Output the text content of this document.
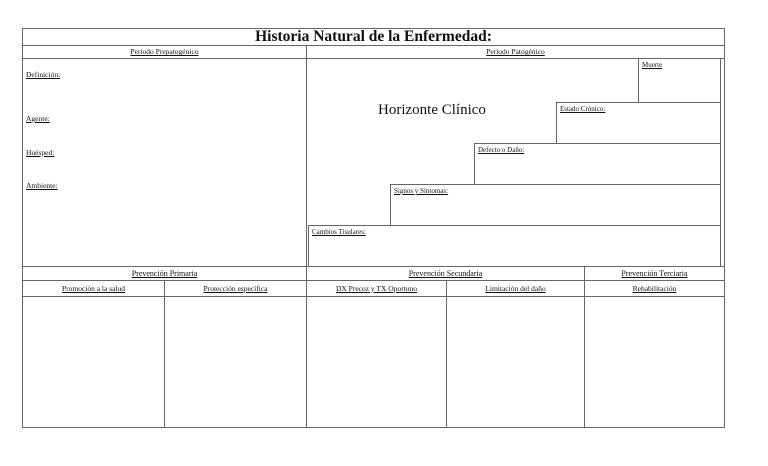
Historia Natural de la Enfermedad:
Período Prepatogénico	Período Patogénico
Definición:
Agente:
Huésped:
Ambiente:
Horizonte Clínico
Muerte
Estado Crónico:
Defecto o Daño:
Signos y Síntomas:
Cambios Tisulares:
Prevención Primaria	Prevención Secundaria	Prevención Terciaria
Promoción a la salud	Protección específica	DX Precoz y TX Oportuno	Limitación del daño	Rehabilitación
